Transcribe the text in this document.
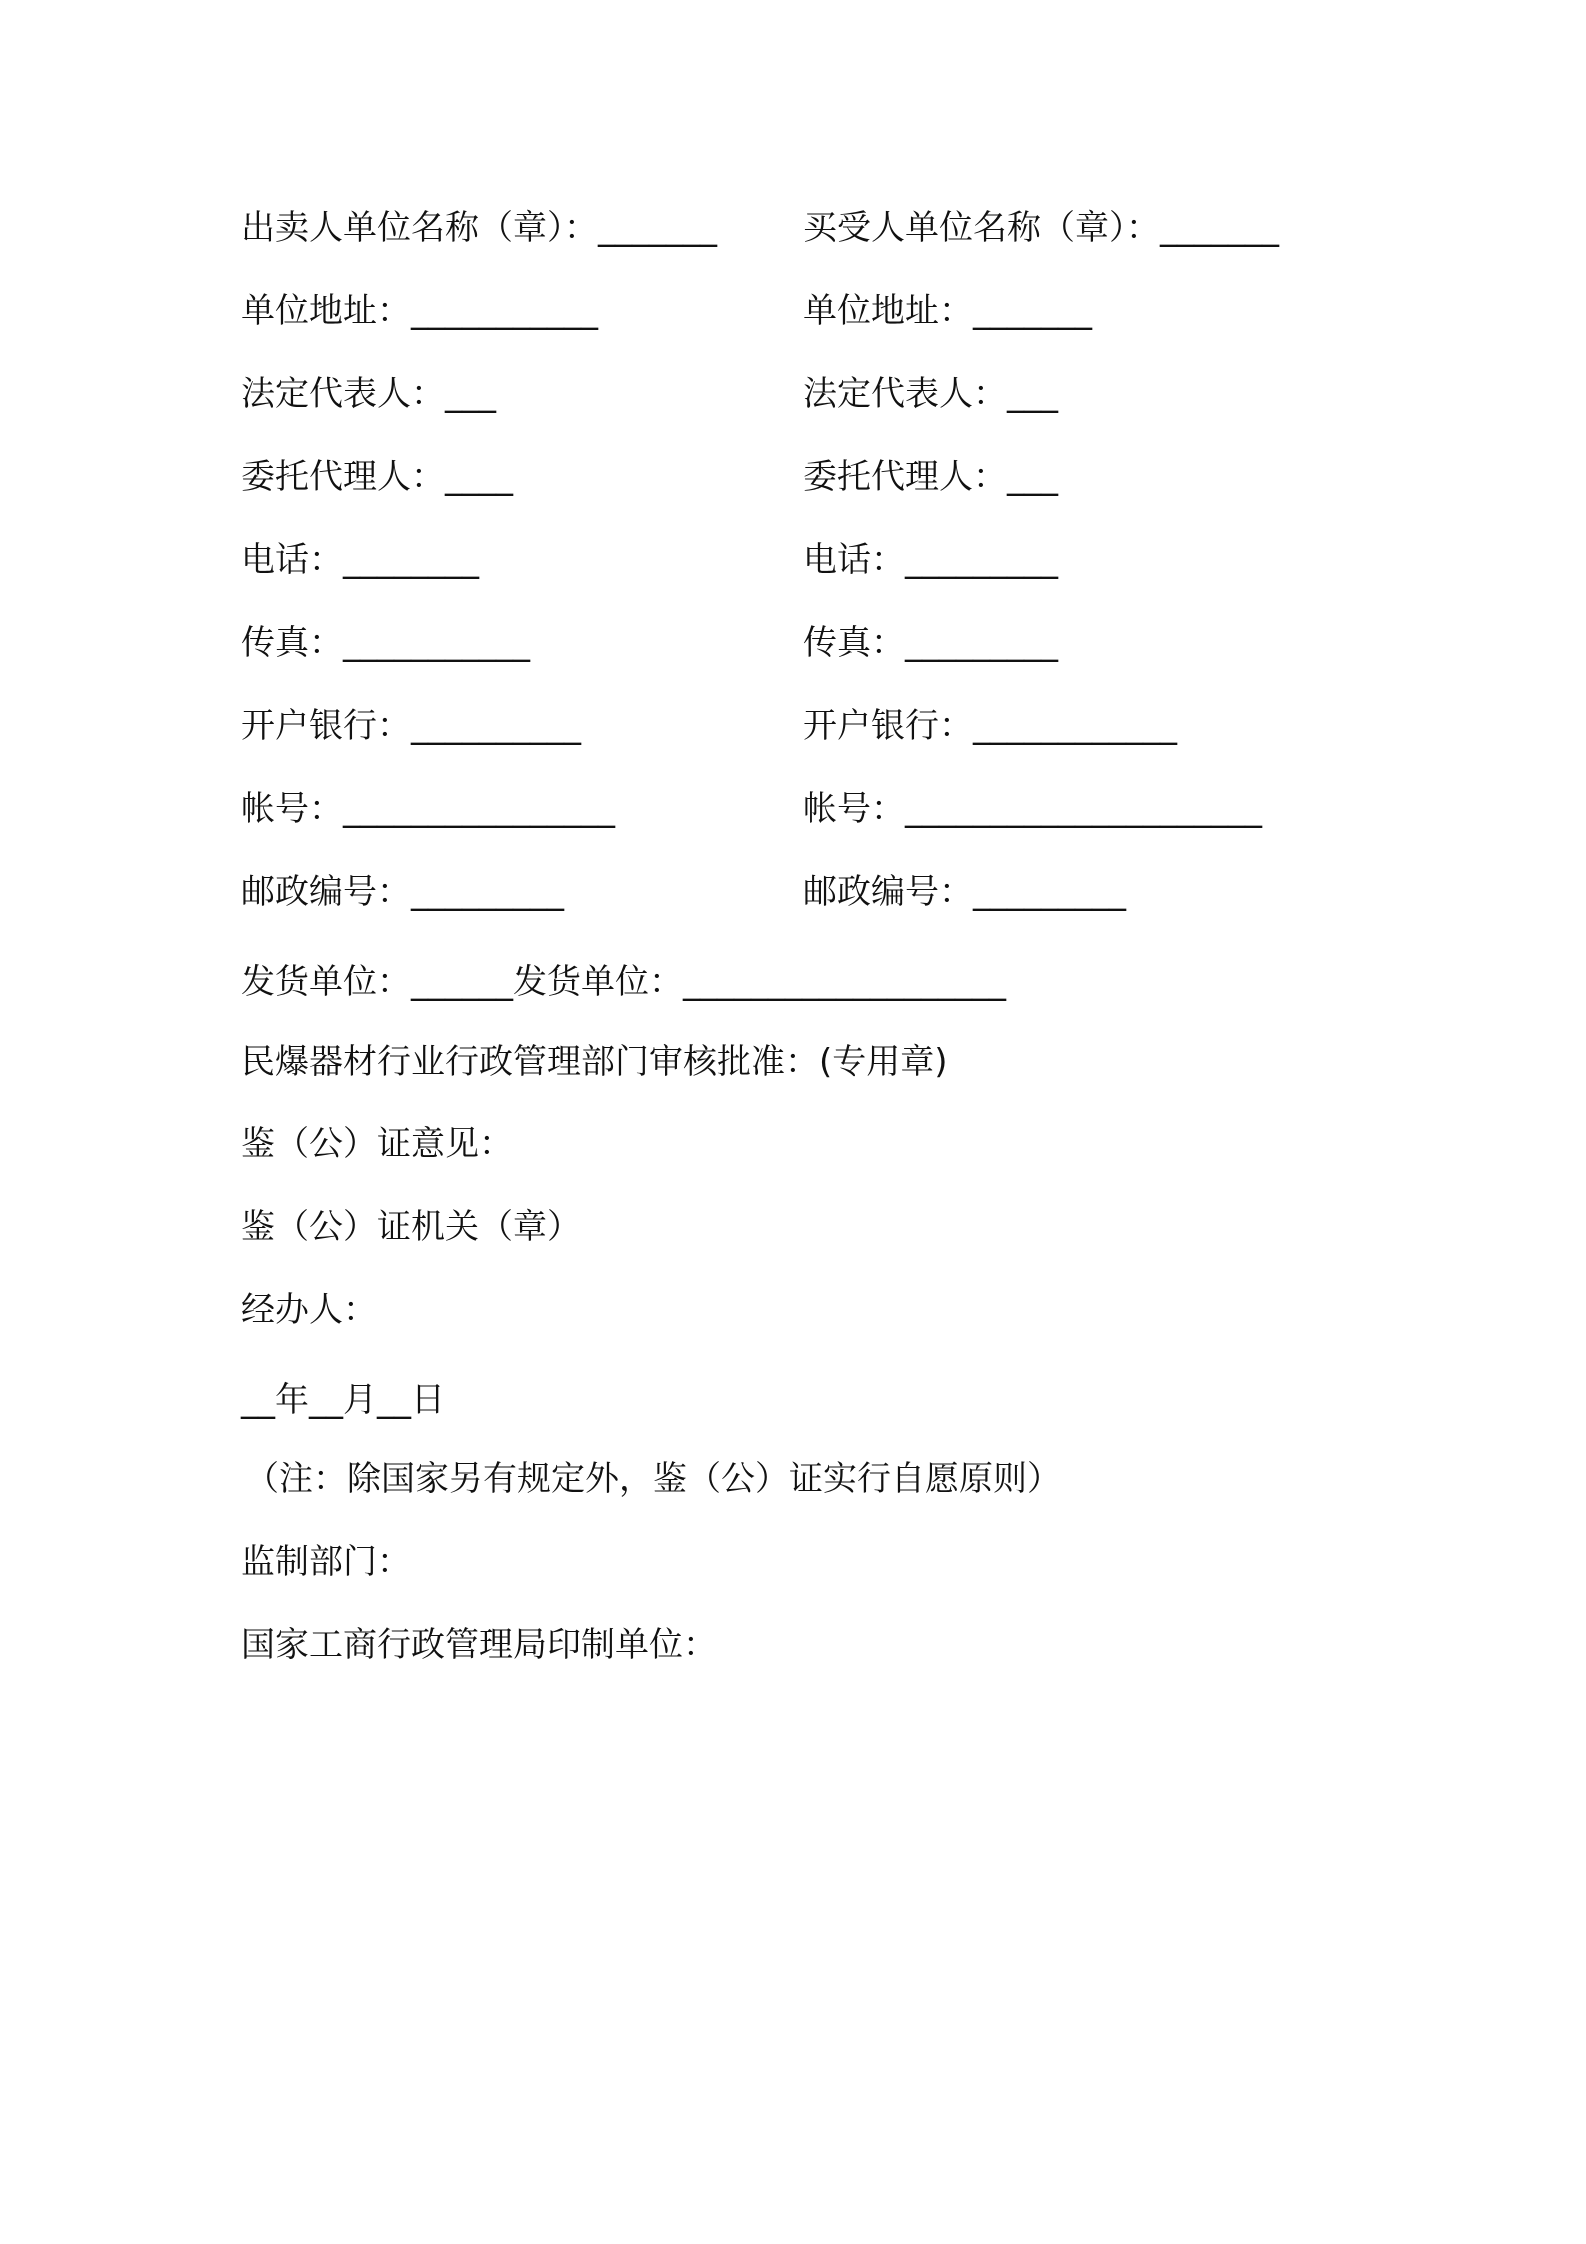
出卖人单位名称（章）：_______	买受人单位名称（章）：_______
单位地址：___________	单位地址：_______
法定代表人：___	法定代表人：___
委托代理人：____	委托代理人：___
电话：________	电话：_________
传真：___________	传真：_________
开户银行：__________	开户银行：____________
帐号：________________	帐号：_____________________
邮政编号：_________	邮政编号：_________
发货单位：______发货单位：___________________
民爆器材行业行政管理部门审核批准：(专用章)
鉴（公）证意见：
鉴（公）证机关（章）
经办人：
__年__月__日
（注：除国家另有规定外，鉴（公）证实行自愿原则）
监制部门：
国家工商行政管理局印制单位：
